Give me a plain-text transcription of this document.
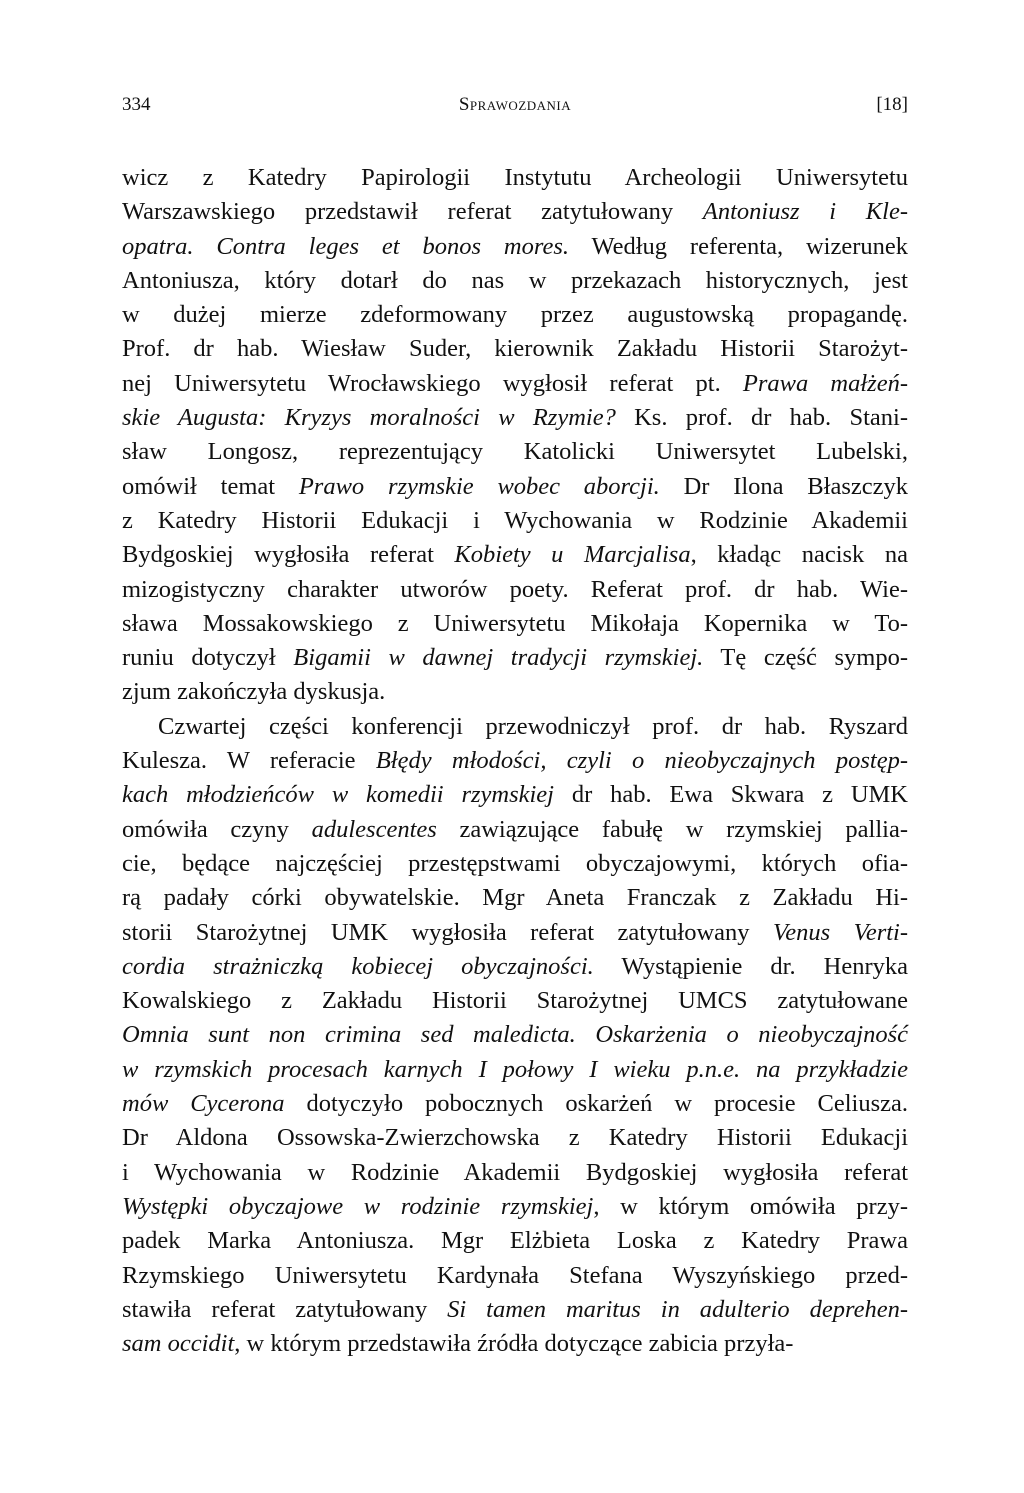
334	Sprawozdania	[18]

wicz z Katedry Papirologii Instytutu Archeologii Uniwersytetu
Warszawskiego przedstawił referat zatytułowany Antoniusz i Kle-
opatra. Contra leges et bonos mores. Według referenta, wizerunek
Antoniusza, który dotarł do nas w przekazach historycznych, jest
w dużej mierze zdeformowany przez augustowską propagandę.
Prof. dr hab. Wiesław Suder, kierownik Zakładu Historii Starożyt-
nej Uniwersytetu Wrocławskiego wygłosił referat pt. Prawa małżeń-
skie Augusta: Kryzys moralności w Rzymie? Ks. prof. dr hab. Stani-
sław Longosz, reprezentujący Katolicki Uniwersytet Lubelski,
omówił temat Prawo rzymskie wobec aborcji. Dr Ilona Błaszczyk
z Katedry Historii Edukacji i Wychowania w Rodzinie Akademii
Bydgoskiej wygłosiła referat Kobiety u Marcjalisa, kładąc nacisk na
mizogistyczny charakter utworów poety. Referat prof. dr hab. Wie-
sława Mossakowskiego z Uniwersytetu Mikołaja Kopernika w To-
runiu dotyczył Bigamii w dawnej tradycji rzymskiej. Tę część sympo-
zjum zakończyła dyskusja.

Czwartej części konferencji przewodniczył prof. dr hab. Ryszard
Kulesza. W referacie Błędy młodości, czyli o nieobyczajnych postęp-
kach młodzieńców w komedii rzymskiej dr hab. Ewa Skwara z UMK
omówiła czyny adulescentes zawiązujące fabułę w rzymskiej pallia-
cie, będące najczęściej przestępstwami obyczajowymi, których ofia-
rą padały córki obywatelskie. Mgr Aneta Franczak z Zakładu Hi-
storii Starożytnej UMK wygłosiła referat zatytułowany Venus Verti-
cordia strażniczką kobiecej obyczajności. Wystąpienie dr. Henryka
Kowalskiego z Zakładu Historii Starożytnej UMCS zatytułowane
Omnia sunt non crimina sed maledicta. Oskarżenia o nieobyczajność
w rzymskich procesach karnych I połowy I wieku p.n.e. na przykładzie
mów Cycerona dotyczyło pobocznych oskarżeń w procesie Celiusza.
Dr Aldona Ossowska-Zwierzchowska z Katedry Historii Edukacji
i Wychowania w Rodzinie Akademii Bydgoskiej wygłosiła referat
Występki obyczajowe w rodzinie rzymskiej, w którym omówiła przy-
padek Marka Antoniusza. Mgr Elżbieta Loska z Katedry Prawa
Rzymskiego Uniwersytetu Kardynała Stefana Wyszyńskiego przed-
stawiła referat zatytułowany Si tamen maritus in adulterio deprehen-
sam occidit, w którym przedstawiła źródła dotyczące zabicia przyła-
